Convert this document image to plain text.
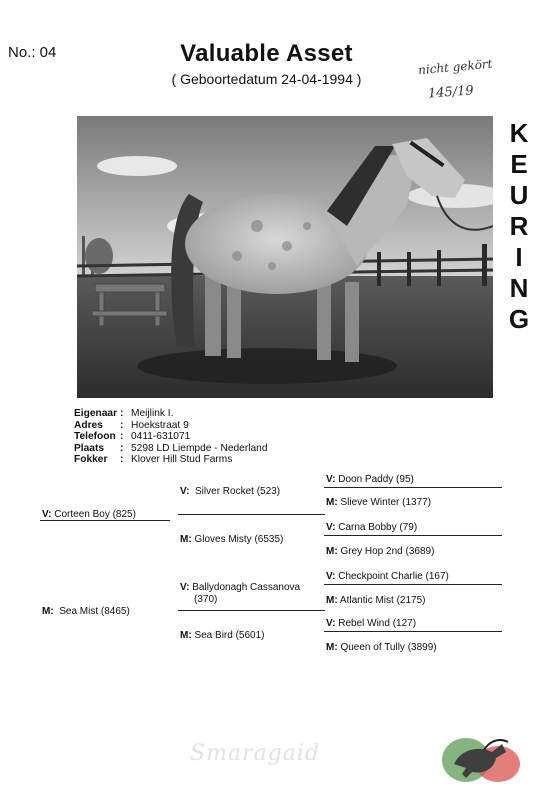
No.: 04	Valuable Asset
( Geboortedatum 24-04-1994 )
nicht gekört
145/19
K
E
U
R
I
N
G
Eigenaar : Meijlink I.
Adres	: Hoekstraat 9
Telefoon : 0411-631071
Plaats	: 5298 LD Liempde - Nederland
Fokker	: Klover Hill Stud Farms
V: Corteen Boy (825)
M: Sea Mist (8465)
V: Silver Rocket (523)
M: Gloves Misty (6535)
V: Ballydonagh Cassanova
(370)
M: Sea Bird (5601)
V: Doon Paddy (95)
M: Slieve Winter (1377)
V: Carna Bobby (79)
M: Grey Hop 2nd (3689)
V: Checkpoint Charlie (167)
M: Atlantic Mist (2175)
V: Rebel Wind (127)
M: Queen of Tully (3899)
Smaragaid
